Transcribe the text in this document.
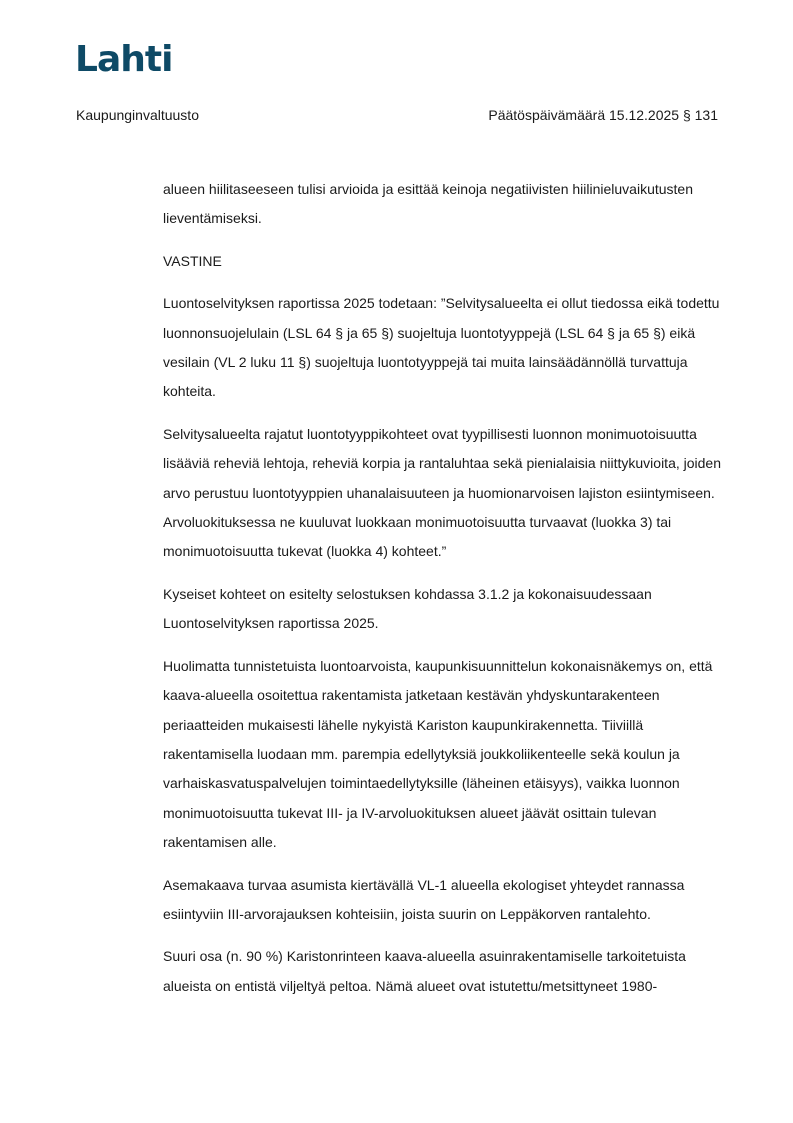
Lahti
Kaupunginvaltuusto	Päätöspäivämäärä 15.12.2025 § 131

alueen hiilitaseeseen tulisi arvioida ja esittää keinoja negatiivisten hiilinieluvaikutusten lieventämiseksi.

VASTINE

Luontoselvityksen raportissa 2025 todetaan: ”Selvitysalueelta ei ollut tiedossa eikä todettu luonnonsuojelulain (LSL 64 § ja 65 §) suojeltuja luontotyyppejä (LSL 64 § ja 65 §) eikä vesilain (VL 2 luku 11 §) suojeltuja luontotyyppejä tai muita lainsäädännöllä turvattuja kohteita.

Selvitysalueelta rajatut luontotyyppikohteet ovat tyypillisesti luonnon monimuotoisuutta lisääviä reheviä lehtoja, reheviä korpia ja rantaluhtaa sekä pienialaisia niittykuvioita, joiden arvo perustuu luontotyyppien uhanalaisuuteen ja huomionarvoisen lajiston esiintymiseen. Arvoluokituksessa ne kuuluvat luokkaan monimuotoisuutta turvaavat (luokka 3) tai monimuotoisuutta tukevat (luokka 4) kohteet.”

Kyseiset kohteet on esitelty selostuksen kohdassa 3.1.2 ja kokonaisuudessaan Luontoselvityksen raportissa 2025.

Huolimatta tunnistetuista luontoarvoista, kaupunkisuunnittelun kokonaisnäkemys on, että kaava-alueella osoitettua rakentamista jatketaan kestävän yhdyskuntarakenteen periaatteiden mukaisesti lähelle nykyistä Kariston kaupunkirakennetta. Tiiviillä rakentamisella luodaan mm. parempia edellytyksiä joukkoliikenteelle sekä koulun ja varhaiskasvatuspalvelujen toimintaedellytyksille (läheinen etäisyys), vaikka luonnon monimuotoisuutta tukevat III- ja IV-arvoluokituksen alueet jäävät osittain tulevan rakentamisen alle.

Asemakaava turvaa asumista kiertävällä VL-1 alueella ekologiset yhteydet rannassa esiintyviin III-arvorajauksen kohteisiin, joista suurin on Leppäkorven rantalehto.

Suuri osa (n. 90 %) Karistonrinteen kaava-alueella asuinrakentamiselle tarkoitetuista alueista on entistä viljeltyä peltoa. Nämä alueet ovat istutettu/metsittyneet 1980-
